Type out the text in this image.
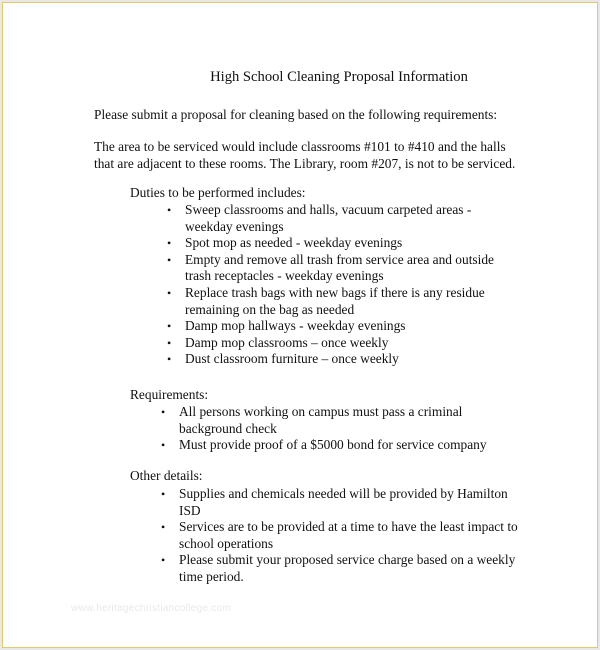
High School Cleaning Proposal Information
Please submit a proposal for cleaning based on the following requirements:
The area to be serviced would include classrooms #101 to #410 and the halls
that are adjacent to these rooms. The Library, room #207, is not to be serviced.
Duties to be performed includes:
• Sweep classrooms and halls, vacuum carpeted areas -
weekday evenings
• Spot mop as needed - weekday evenings
• Empty and remove all trash from service area and outside
trash receptacles - weekday evenings
• Replace trash bags with new bags if there is any residue
remaining on the bag as needed
• Damp mop hallways - weekday evenings
• Damp mop classrooms – once weekly
• Dust classroom furniture – once weekly
Requirements:
• All persons working on campus must pass a criminal
background check
• Must provide proof of a $5000 bond for service company
Other details:
• Supplies and chemicals needed will be provided by Hamilton
ISD
• Services are to be provided at a time to have the least impact to
school operations
• Please submit your proposed service charge based on a weekly
time period.
www.heritagechristiancollege.com
